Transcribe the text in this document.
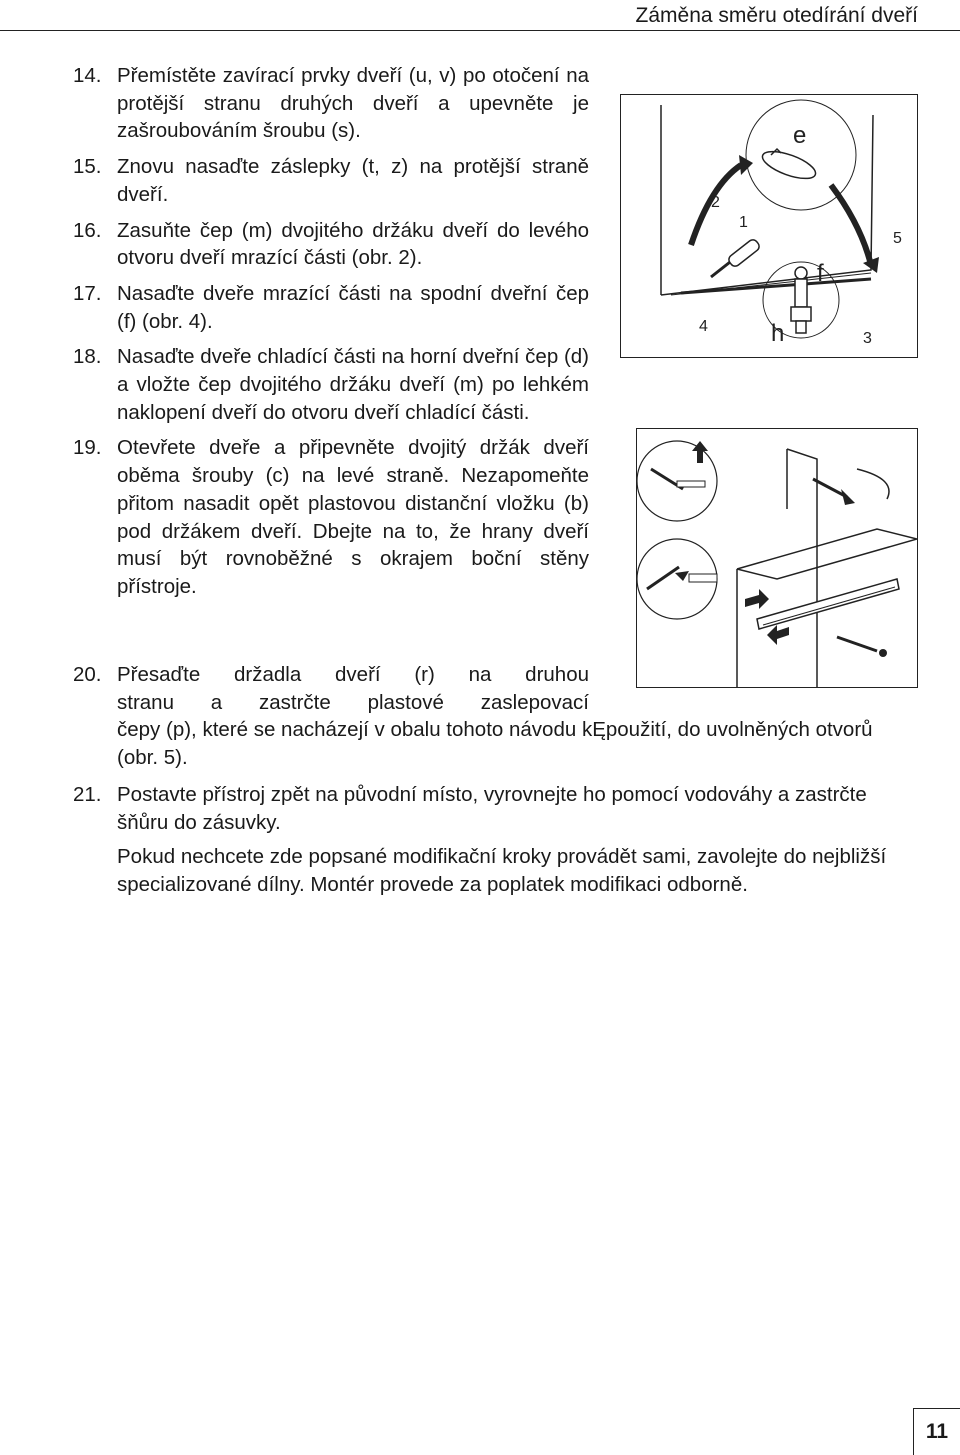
Záměna směru otedírání dveří
14. Přemístěte zavírací prvky dveří (u, v) po otočení na protější stranu druhých dveří a upevněte je zašroubováním šroubu (s).
15. Znovu nasaďte záslepky (t, z) na protější straně dveří.
16. Zasuňte čep (m) dvojitého držáku dveří do levého otvoru dveří mrazící části (obr. 2).
17. Nasaďte dveře mrazící části na spodní dveřní čep (f) (obr. 4).
18. Nasaďte dveře chladící části na horní dveřní čep (d) a vložte čep dvojitého držáku dveří (m) po lehkém naklopení dveří do otvoru dveří chladící části.
19. Otevřete dveře a připevněte dvojitý držák dveří oběma šrouby (c) na levé straně. Nezapomeňte přitom nasadit opět plastovou distanční vložku (b) pod držákem dveří. Dbejte na to, že hrany dveří musí být rovnoběžné s okrajem boční stěny přístroje.
20. Přesaďte držadla dveří (r) na druhou
stranu a zastrčte plastové zaslepovací
čepy (p), které se nacházejí v obalu tohoto návodu kĘpoužití, do uvolněných otvorů (obr. 5).
21. Postavte přístroj zpět na původní místo, vyrovnejte ho pomocí vodováhy a zastrčte šňůru do zásuvky.
Pokud nechcete zde popsané modifikační kroky provádět sami, zavolejte do nejbližší specializované dílny. Montér provede za poplatek modifikaci odborně.
e
2
1
5
f
4	h	3
11
